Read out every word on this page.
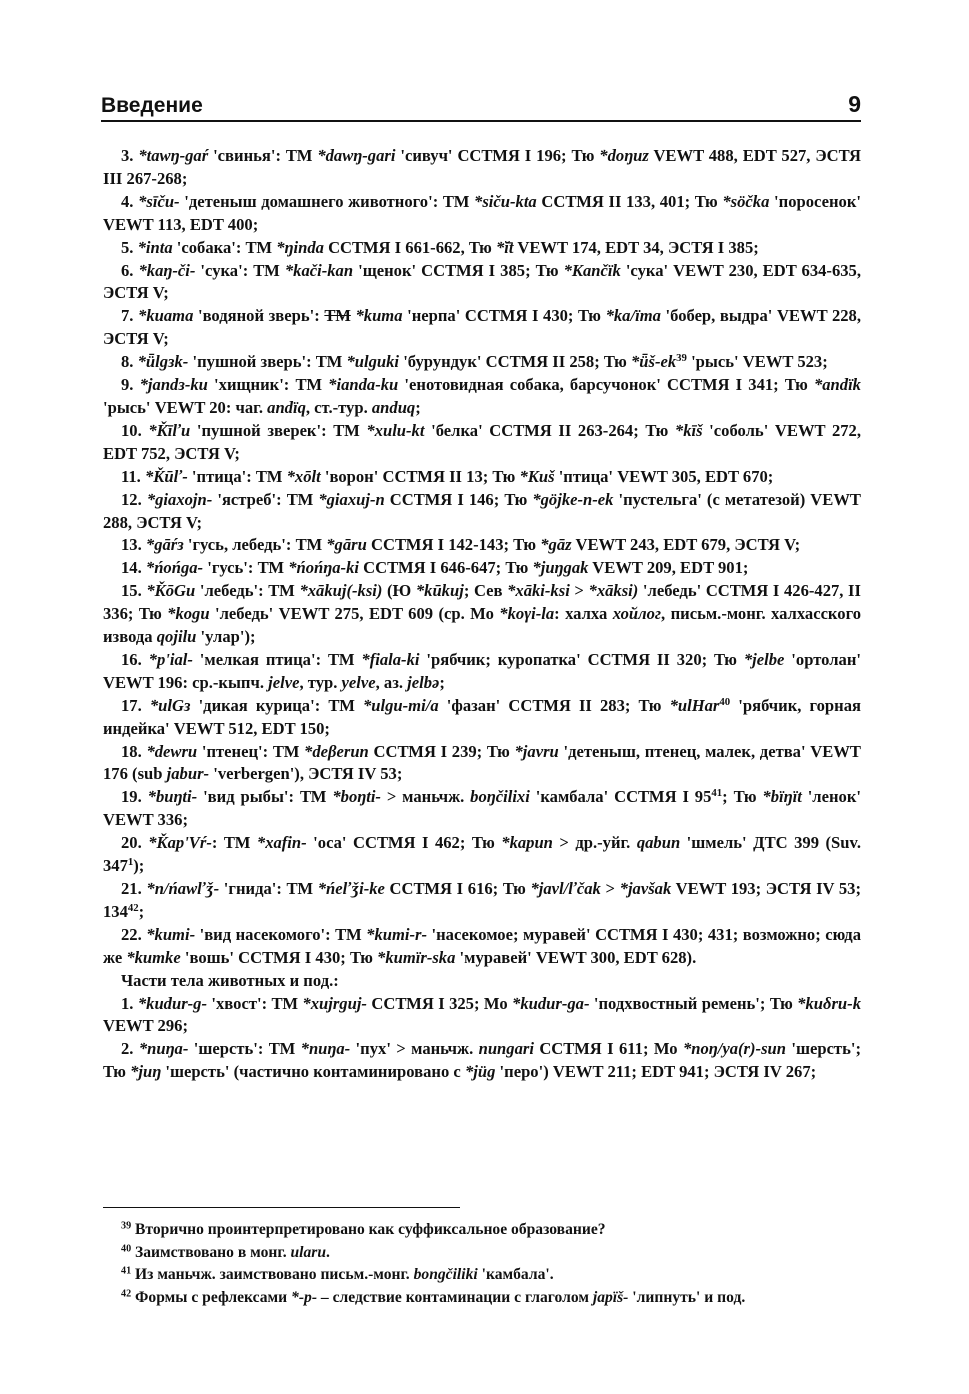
Введение	9

3. *tawŋ-gaŕ 'свинья': ТМ *dawŋ-gari 'сивуч' ССТМЯ I 196; Тю *doŋuz VEWT 488, EDT 527, ЭСТЯ III 267-268;

4. *sīču- 'детеныш домашнего животного': ТМ *siču-kta ССТМЯ II 133, 401; Тю *söčka 'поросенок' VEWT 113, EDT 400;

5. *inta 'собака': ТМ *ŋinda ССТМЯ I 661-662, Тю *ĭ̄t VEWT 174, EDT 34, ЭСТЯ I 385;

6. *kaŋ-či- 'сука': ТМ *kači-kan 'щенок' ССТМЯ I 385; Тю *Kančïk 'сука' VEWT 230, EDT 634-635, ЭСТЯ V;

7. *kuama 'водяной зверь': ТМ *kuma 'нерпа' ССТМЯ I 430; Тю *ka/ïma 'бобер, выдра' VEWT 228, ЭСТЯ V;

8. *ǖlgзk- 'пушной зверь': ТМ *ulguki 'бурундук' ССТМЯ II 258; Тю $*ǖš-ek^{39}$ 'рысь' VEWT 523;

9. *jandз-ku 'хищник': ТМ *ianda-ku 'енотовидная собака, барсучонок' ССТМЯ I 341; Тю *andïk 'рысь' VEWT 20: чаг. andïq, ст.-тур. anduq;

10. *Ǩīľu 'пушной зверек': ТМ *xulu-kt 'белка' ССТМЯ II 263-264; Тю *kīš 'соболь' VEWT 272, EDT 752, ЭСТЯ V;

11. *Ǩūľ- 'птица': ТМ *xōlt 'ворон' ССТМЯ II 13; Тю *Kuš 'птица' VEWT 305, EDT 670;

12. *giaxojn- 'ястреб': ТМ *giaxuj-n ССТМЯ I 146; Тю *göjke-n-ek 'пустельга' (с метатезой) VEWT 288, ЭСТЯ V;

13. *gāŕз 'гусь, лебедь': ТМ *gāru ССТМЯ I 142-143; Тю *gāz VEWT 243, EDT 679, ЭСТЯ V;

14. *ńońga- 'гусь': ТМ *ńońŋa-ki ССТМЯ I 646-647; Тю *juŋgak VEWT 209, EDT 901;

15. *ǨōGu 'лебедь': ТМ *xākuj(-ksi) (Ю *kūkuj; Сев *xāki-ksi > *xāksi) 'лебедь' ССТМЯ I 426-427, II 336; Тю *kogu 'лебедь' VEWT 275, EDT 609 (ср. Мо *koγi-la: халха хойлог, письм.-монг. халхасского извода qojilu 'улар');

16. *p'ial- 'мелкая птица': ТМ *fiala-ki 'рябчик; куропатка' ССТМЯ II 320; Тю *jelbe 'ортолан' VEWT 196: ср.-кыпч. jelve, тур. yelve, аз. jelbə;

17. *ulGз 'дикая курица': ТМ *ulgu-mi/a 'фазан' ССТМЯ II 283; Тю *ulHar$^{40}$ 'рябчик, горная индейка' VEWT 512, EDT 150;

18. *dewru 'птенец': ТМ *deβerun ССТМЯ I 239; Тю *javru 'детеныш, птенец, малек, детва' VEWT 176 (sub jabur- 'verbergen'), ЭСТЯ IV 53;

19. *buŋti- 'вид рыбы': ТМ *boŋti- > маньчж. boŋčilixi 'камбала' ССТМЯ I $95^{41}$; Тю *bïŋït 'ленок' VEWT 336;

20. *Ǩap'Vŕ-: ТМ *xafin- 'оса' ССТМЯ I 462; Тю *kapun > др.-уйг. qabun 'шмель' ДТС 399 (Suv. $347^1$);

21. *n/ńawľǯ- 'гнида': ТМ *ńeľǯi-ke ССТМЯ I 616; Тю *javl/ľčak > *javšak VEWT 193; ЭСТЯ IV 53; $134^{42}$;

22. *kumi- 'вид насекомого': ТМ *kumi-r- 'насекомое; муравей' ССТМЯ I 430; 431; возможно; сюда же *kumke 'вошь' ССТМЯ I 430; Тю *kumïr-ska 'муравей' VEWT 300, EDT 628).

Части тела животных и под.:

1. *kudur-g- 'хвост': ТМ *xujrguj- ССТМЯ I 325; Мо *kudur-ga- 'подхвостный ремень'; Тю *kuδru-k VEWT 296;

2. *nuŋa- 'шерсть': ТМ *nuŋa- 'пух' > маньчж. nungari ССТМЯ I 611; Мо *noŋ/ya(r)-sun 'шерсть'; Тю *juŋ 'шерсть' (частично контаминировано с *jüg 'перо') VEWT 211; EDT 941; ЭСТЯ IV 267;

$^{39}$ Вторично проинтерпретировано как суффиксальное образование?

$^{40}$ Заимствовано в монг. ularu.

$^{41}$ Из маньчж. заимствовано письм.-монг. bongčiliki 'камбала'.

$^{42}$ Формы с рефлексами *-p- – следствие контаминации с глаголом japïš- 'липнуть' и под.
